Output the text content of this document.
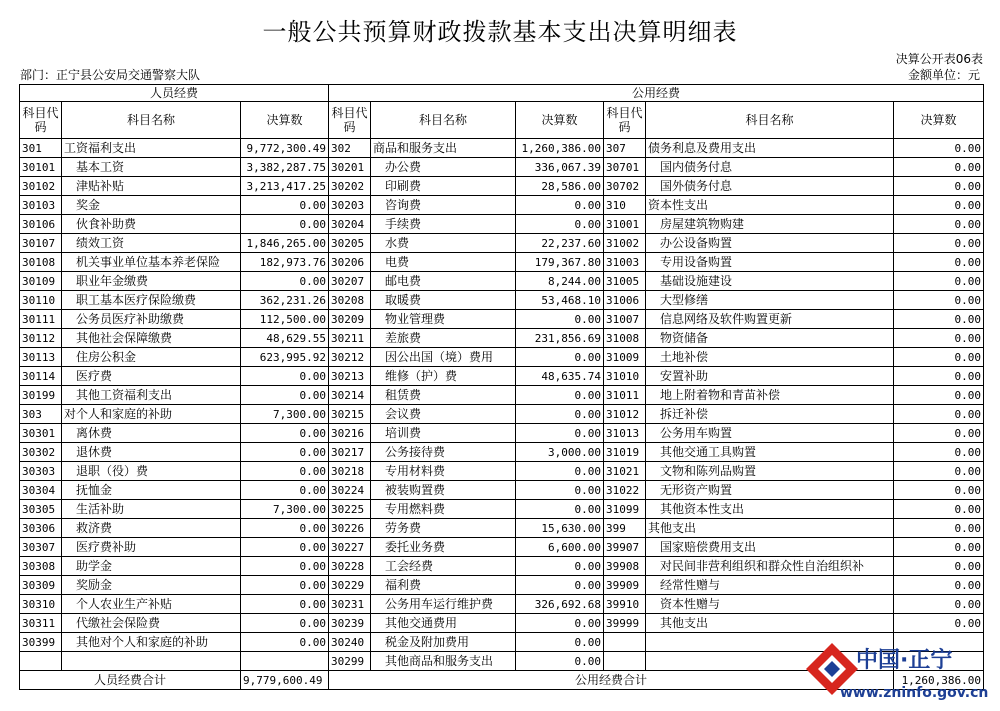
一般公共预算财政拨款基本支出决算明细表
决算公开表06表
部门：正宁县公安局交通警察大队	金额单位：元
人员经费			公用经费					
科目代码	科目名称	决算数	科目代码	科目名称	决算数	科目代码	科目名称	决算数
301	工资福利支出	9,772,300.49	302	商品和服务支出	1,260,386.00	307	债务利息及费用支出	0.00
30101	基本工资	3,382,287.75	30201	办公费	336,067.39	30701	国内债务付息	0.00
30102	津贴补贴	3,213,417.25	30202	印刷费	28,586.00	30702	国外债务付息	0.00
30103	奖金	0.00	30203	咨询费	0.00	310	资本性支出	0.00
30106	伙食补助费	0.00	30204	手续费	0.00	31001	房屋建筑物购建	0.00
30107	绩效工资	1,846,265.00	30205	水费	22,237.60	31002	办公设备购置	0.00
30108	机关事业单位基本养老保险	182,973.76	30206	电费	179,367.80	31003	专用设备购置	0.00
30109	职业年金缴费	0.00	30207	邮电费	8,244.00	31005	基础设施建设	0.00
30110	职工基本医疗保险缴费	362,231.26	30208	取暖费	53,468.10	31006	大型修缮	0.00
30111	公务员医疗补助缴费	112,500.00	30209	物业管理费	0.00	31007	信息网络及软件购置更新	0.00
30112	其他社会保障缴费	48,629.55	30211	差旅费	231,856.69	31008	物资储备	0.00
30113	住房公积金	623,995.92	30212	因公出国（境）费用	0.00	31009	土地补偿	0.00
30114	医疗费	0.00	30213	维修（护）费	48,635.74	31010	安置补助	0.00
30199	其他工资福利支出	0.00	30214	租赁费	0.00	31011	地上附着物和青苗补偿	0.00
303	对个人和家庭的补助	7,300.00	30215	会议费	0.00	31012	拆迁补偿	0.00
30301	离休费	0.00	30216	培训费	0.00	31013	公务用车购置	0.00
30302	退休费	0.00	30217	公务接待费	3,000.00	31019	其他交通工具购置	0.00
30303	退职（役）费	0.00	30218	专用材料费	0.00	31021	文物和陈列品购置	0.00
30304	抚恤金	0.00	30224	被装购置费	0.00	31022	无形资产购置	0.00
30305	生活补助	7,300.00	30225	专用燃料费	0.00	31099	其他资本性支出	0.00
30306	救济费	0.00	30226	劳务费	15,630.00	399	其他支出	0.00
30307	医疗费补助	0.00	30227	委托业务费	6,600.00	39907	国家赔偿费用支出	0.00
30308	助学金	0.00	30228	工会经费	0.00	39908	对民间非营利组织和群众性自治组织补	0.00
30309	奖励金	0.00	30229	福利费	0.00	39909	经常性赠与	0.00
30310	个人农业生产补贴	0.00	30231	公务用车运行维护费	326,692.68	39910	资本性赠与	0.00
30311	代缴社会保险费	0.00	30239	其他交通费用	0.00	39999	其他支出	0.00
30399	其他对个人和家庭的补助	0.00	30240	税金及附加费用	0.00			
			30299	其他商品和服务支出	0.00			
人员经费合计		9,779,600.49	公用经费合计					1,260,386.00
中国·正宁
www.zninfo.gov.cn
